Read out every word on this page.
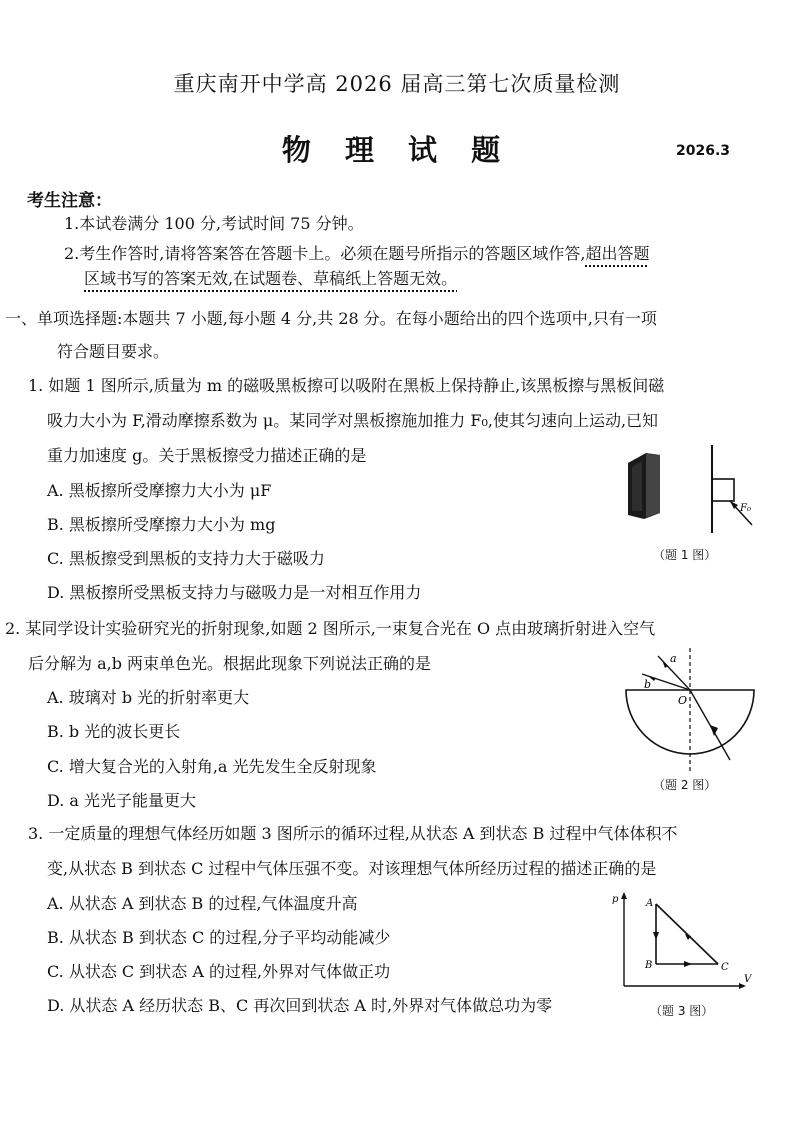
重庆南开中学高 2026 届高三第七次质量检测
物 理 试 题	2026.3
考生注意：
1.本试卷满分 100 分,考试时间 75 分钟。
2.考生作答时,请将答案答在答题卡上。必须在题号所指示的答题区域作答,超出答题
区域书写的答案无效,在试题卷、草稿纸上答题无效。
一、单项选择题:本题共 7 小题,每小题 4 分,共 28 分。在每小题给出的四个选项中,只有一项
符合题目要求。
1. 如题 1 图所示,质量为 m 的磁吸黑板擦可以吸附在黑板上保持静止,该黑板擦与黑板间磁
吸力大小为 F,滑动摩擦系数为 μ。某同学对黑板擦施加推力 F₀,使其匀速向上运动,已知
重力加速度 g。关于黑板擦受力描述正确的是
A. 黑板擦所受摩擦力大小为 μF
B. 黑板擦所受摩擦力大小为 mg
C. 黑板擦受到黑板的支持力大于磁吸力
D. 黑板擦所受黑板支持力与磁吸力是一对相互作用力
F₀
（题 1 图）
2. 某同学设计实验研究光的折射现象,如题 2 图所示,一束复合光在 O 点由玻璃折射进入空气
后分解为 a,b 两束单色光。根据此现象下列说法正确的是
A. 玻璃对 b 光的折射率更大
B. b 光的波长更长
C. 增大复合光的入射角,a 光先发生全反射现象
D. a 光光子能量更大
a
b
O
（题 2 图）
3. 一定质量的理想气体经历如题 3 图所示的循环过程,从状态 A 到状态 B 过程中气体体积不
变,从状态 B 到状态 C 过程中气体压强不变。对该理想气体所经历过程的描述正确的是
A. 从状态 A 到状态 B 的过程,气体温度升高
B. 从状态 B 到状态 C 的过程,分子平均动能减少
C. 从状态 C 到状态 A 的过程,外界对气体做正功
D. 从状态 A 经历状态 B、C 再次回到状态 A 时,外界对气体做总功为零
p
V
A
B	C
（题 3 图）
